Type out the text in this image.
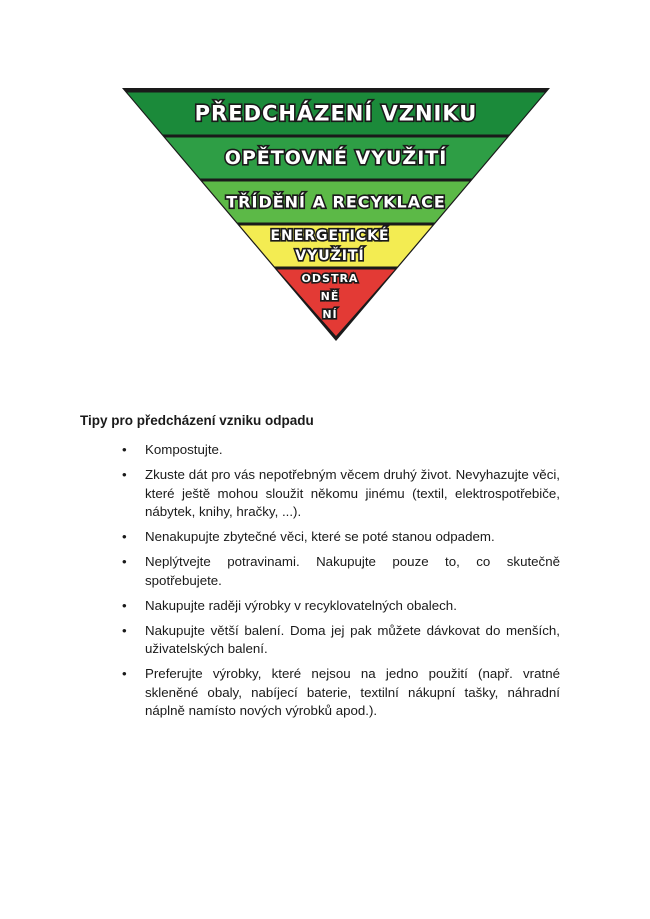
PŘEDCHÁZENÍ VZNIKU
OPĚTOVNÉ VYUŽITÍ
TŘÍDĚNÍ A RECYKLACE
ENERGETICKÉ
VYUŽITÍ
ODSTRA
NĚ
NÍ
Tipy pro předcházení vzniku odpadu
• Kompostujte.
• Zkuste dát pro vás nepotřebným věcem druhý život. Nevyhazujte věci, které ještě mohou sloužit někomu jinému (textil, elektrospotřebiče, nábytek, knihy, hračky, ...).
• Nenakupujte zbytečné věci, které se poté stanou odpadem.
• Neplýtvejte potravinami. Nakupujte pouze to, co skutečně spotřebujete.
• Nakupujte raději výrobky v recyklovatelných obalech.
• Nakupujte větší balení. Doma jej pak můžete dávkovat do menších, uživatelských balení.
• Preferujte výrobky, které nejsou na jedno použití (např. vratné skleněné obaly, nabíjecí baterie, textilní nákupní tašky, náhradní náplně namísto nových výrobků apod.).
